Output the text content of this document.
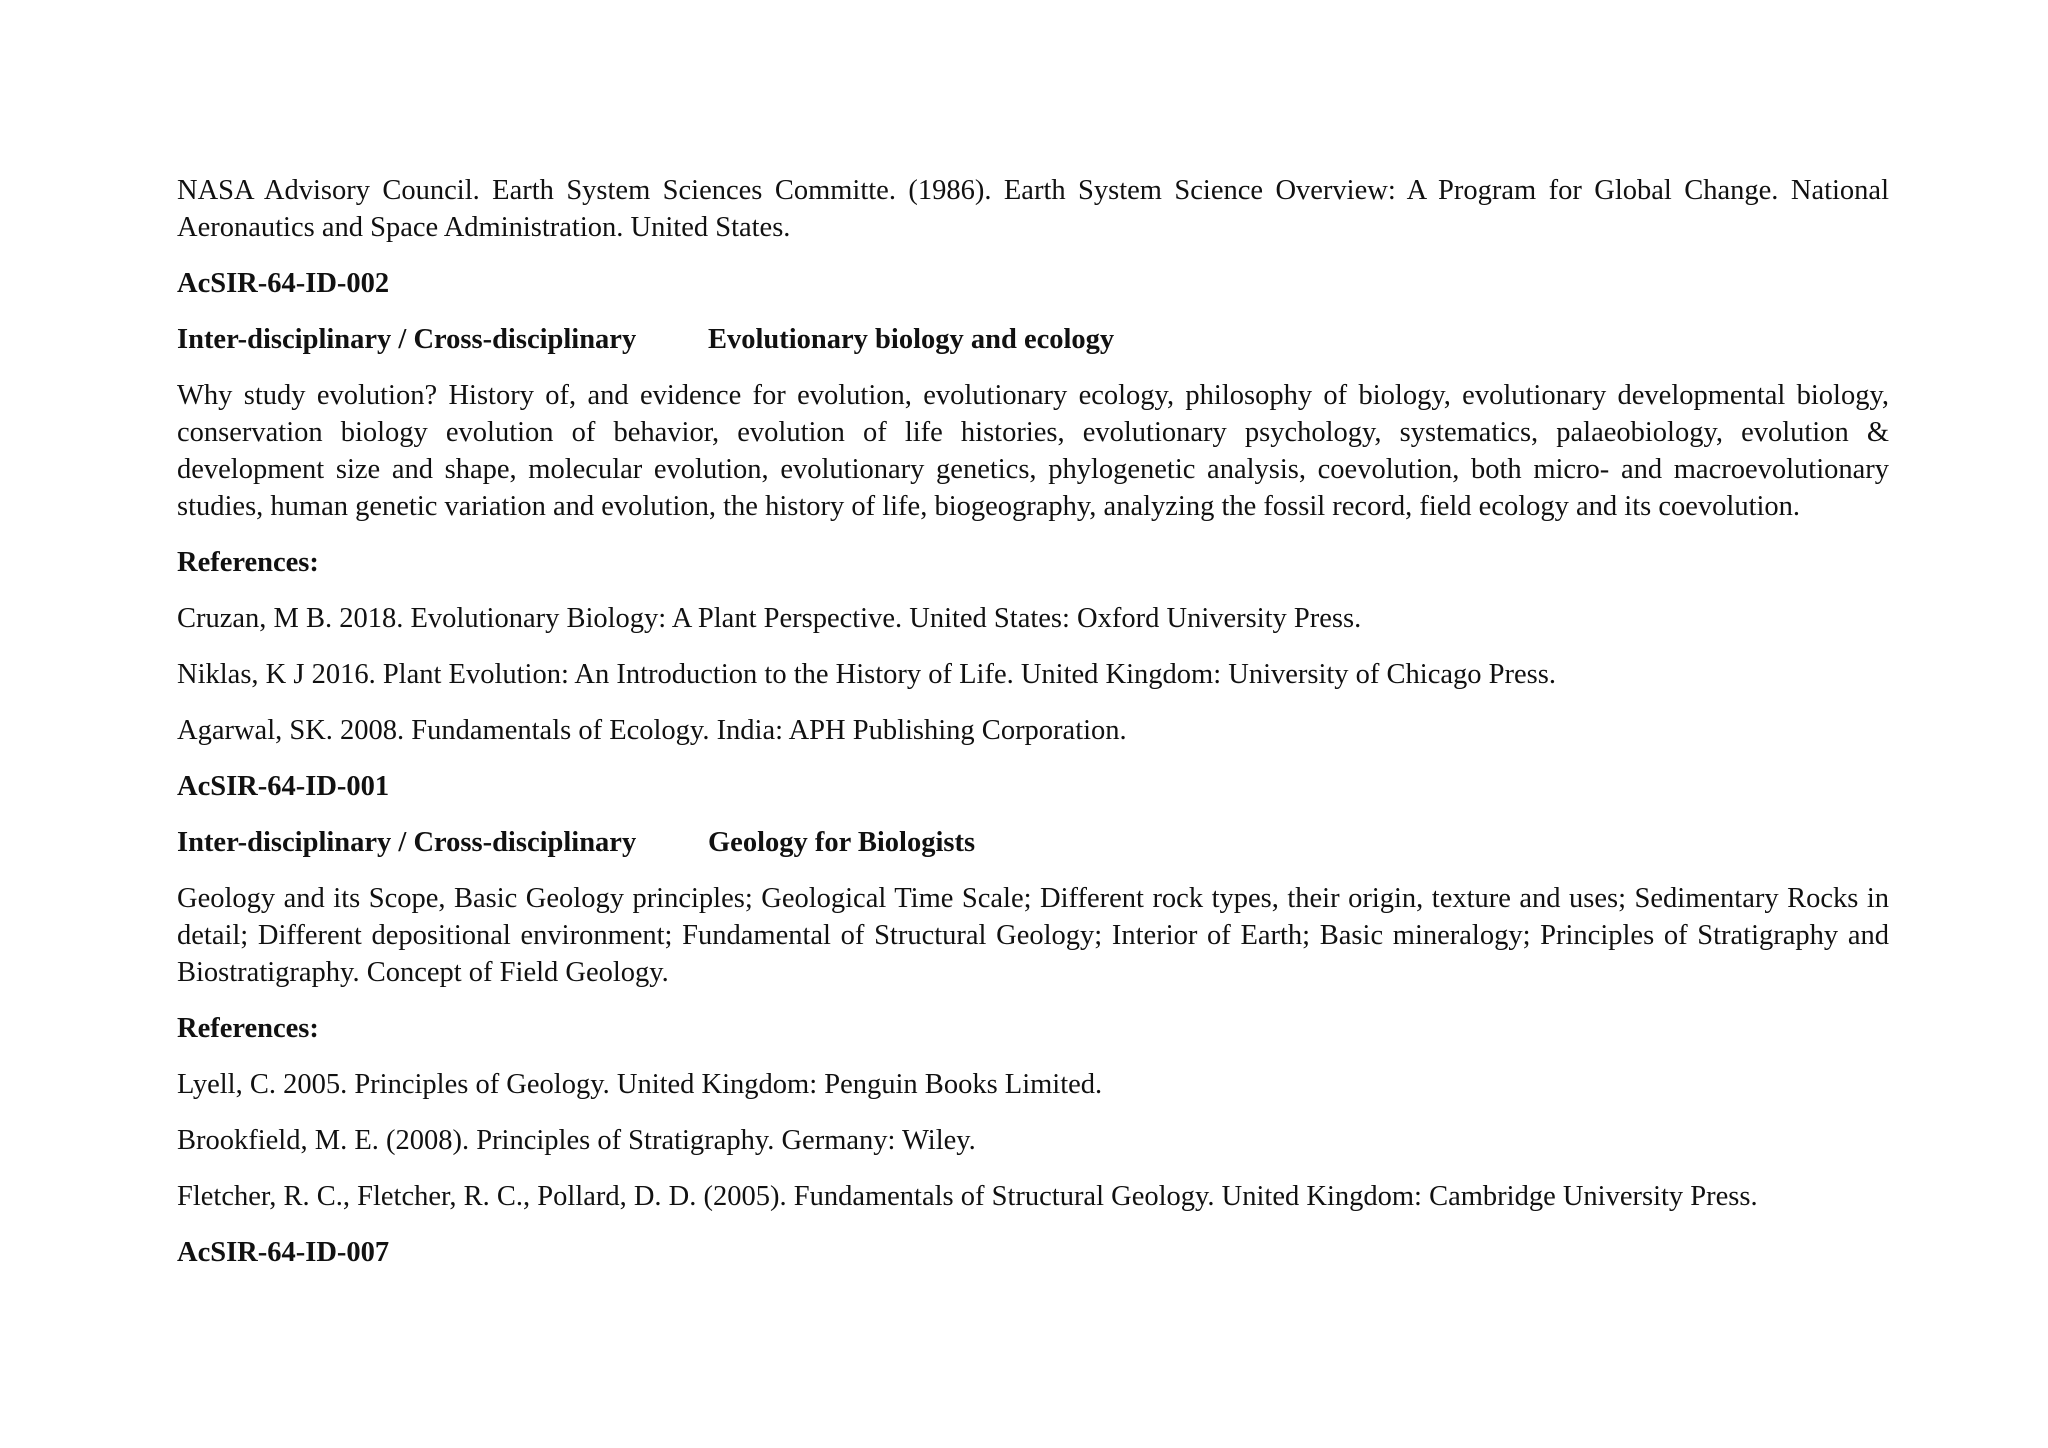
NASA Advisory Council. Earth System Sciences Committe. (1986). Earth System Science Overview: A Program for Global Change. National Aeronautics and Space Administration. United States.

AcSIR-64-ID-002

Inter-disciplinary / Cross-disciplinary	Evolutionary biology and ecology

Why study evolution? History of, and evidence for evolution, evolutionary ecology, philosophy of biology, evolutionary developmental biology, conservation biology evolution of behavior, evolution of life histories, evolutionary psychology, systematics, palaeobiology, evolution & development size and shape, molecular evolution, evolutionary genetics, phylogenetic analysis, coevolution, both micro- and macroevolutionary studies, human genetic variation and evolution, the history of life, biogeography, analyzing the fossil record, field ecology and its coevolution.

References:

Cruzan, M B. 2018. Evolutionary Biology: A Plant Perspective. United States: Oxford University Press.

Niklas, K J 2016. Plant Evolution: An Introduction to the History of Life. United Kingdom: University of Chicago Press.

Agarwal, SK. 2008. Fundamentals of Ecology. India: APH Publishing Corporation.

AcSIR-64-ID-001

Inter-disciplinary / Cross-disciplinary	Geology for Biologists

Geology and its Scope, Basic Geology principles; Geological Time Scale; Different rock types, their origin, texture and uses; Sedimentary Rocks in detail; Different depositional environment; Fundamental of Structural Geology; Interior of Earth; Basic mineralogy; Principles of Stratigraphy and Biostratigraphy. Concept of Field Geology.

References:

Lyell, C. 2005. Principles of Geology. United Kingdom: Penguin Books Limited.

Brookfield, M. E. (2008). Principles of Stratigraphy. Germany: Wiley.

Fletcher, R. C., Fletcher, R. C., Pollard, D. D. (2005). Fundamentals of Structural Geology. United Kingdom: Cambridge University Press.

AcSIR-64-ID-007
